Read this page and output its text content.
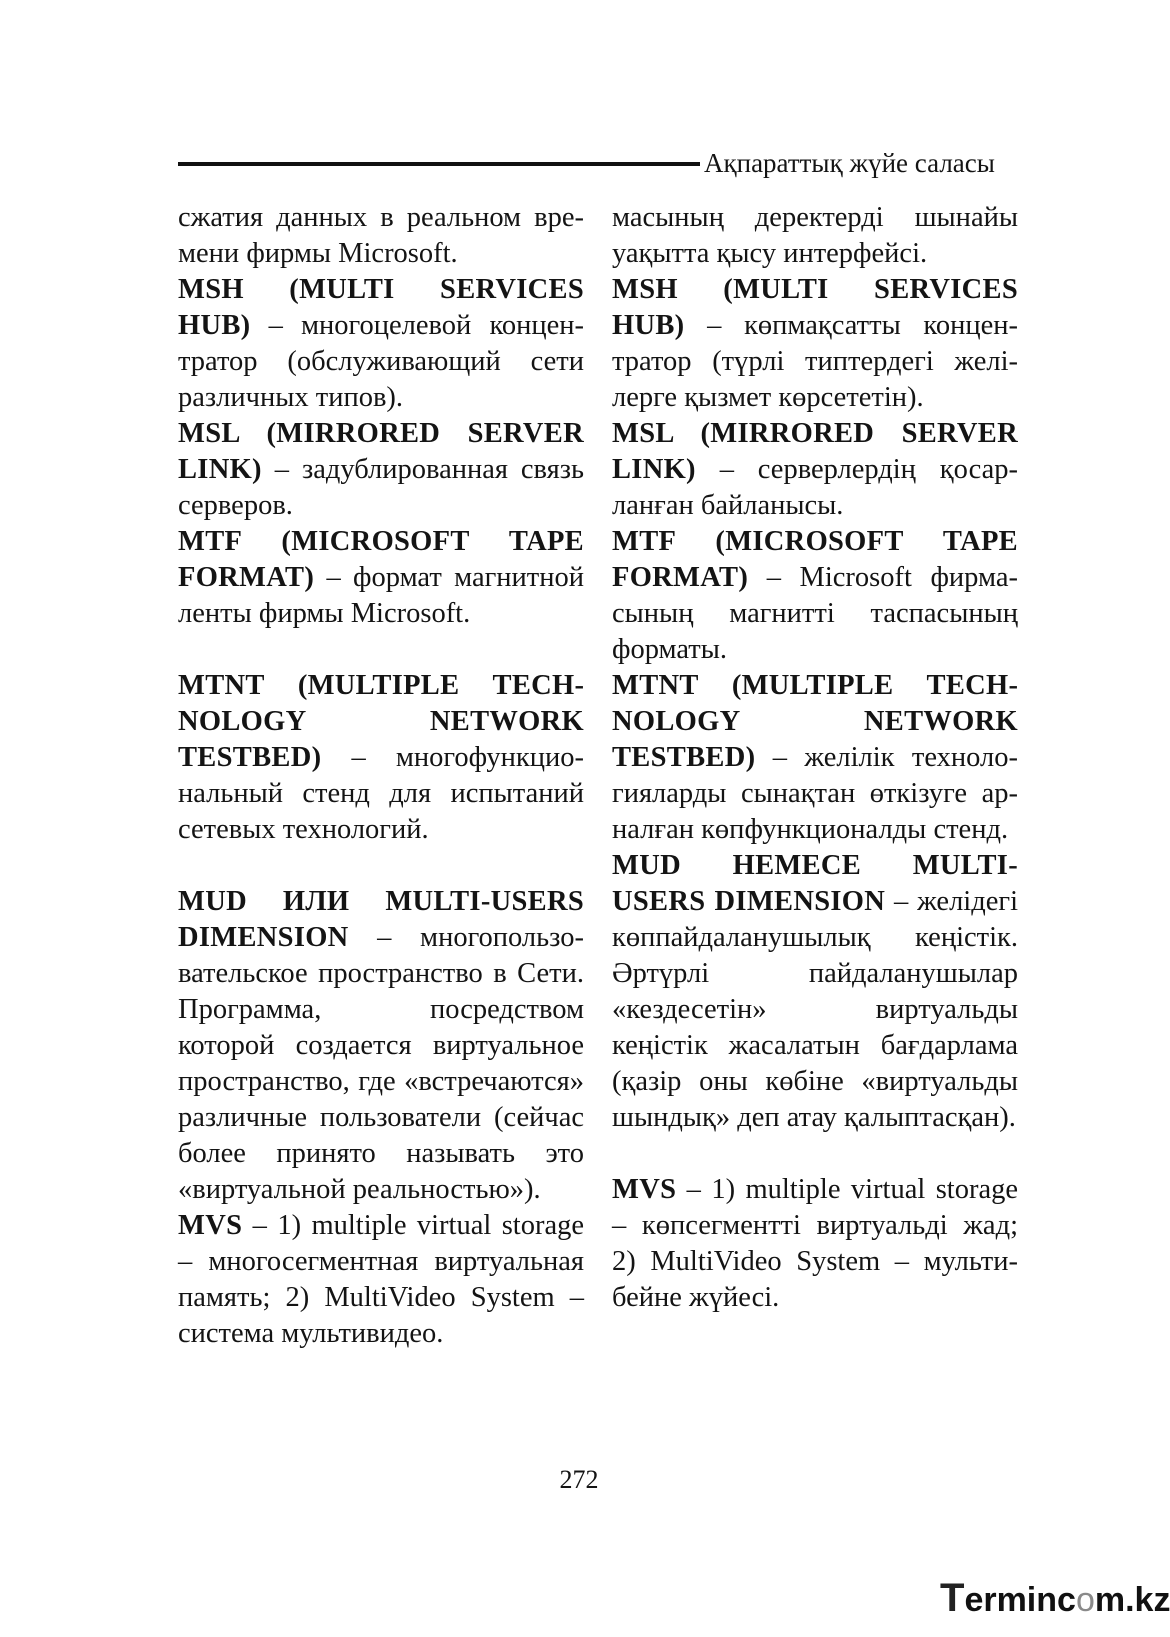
Ақпараттық жүйе саласы

сжатия данных в реальном времени фирмы Microsoft.

MSH (MULTI SERVICES HUB) – многоцелевой концентратор (обслуживающий сети различных типов).

MSL (MIRRORED SERVER LINK) – задублированная связь серверов.

MTF (MICROSOFT TAPE FORMAT) – формат магнитной ленты фирмы Microsoft.

MTNT (MULTIPLE TECHNOLOGY NETWORK TESTBED) – многофункциональный стенд для испытаний сетевых технологий.

MUD ИЛИ MULTI-USERS DIMENSION – многопользовательское пространство в Сети. Программа, посредством которой создается виртуальное пространство, где «встречаются» различные пользователи (сейчас более принято называть это «виртуальной реальностью»).

MVS – 1) multiple virtual storage – многосегментная виртуальная память; 2) MultiVideo System – система мультивидео.

масының деректерді шынайы уақытта қысу интерфейсі.

MSH (MULTI SERVICES HUB) – көпмақсатты концентратор (түрлі типтердегі желілерге қызмет көрсететін).

MSL (MIRRORED SERVER LINK) – серверлердің қосарланған байланысы.

MTF (MICROSOFT TAPE FORMAT) – Microsoft фирмасының магнитті таспасының форматы.

MTNT (MULTIPLE TECHNOLOGY NETWORK TESTBED) – желілік технологияларды сынақтан өткізуге арналған көпфункционалды стенд.

MUD НЕМЕСЕ MULTI-USERS DIMENSION – желідегі көппайдаланушылық кеңістік. Әртүрлі пайдаланушылар «кездесетін» виртуальды кеңістік жасалатын бағдарлама (қазір оны көбіне «виртуальды шындық» деп атау қалыптасқан).

MVS – 1) multiple virtual storage – көпсегментті виртуальді жад; 2) MultiVideo System – мультибейне жүйесі.

272
Termincom.kz
